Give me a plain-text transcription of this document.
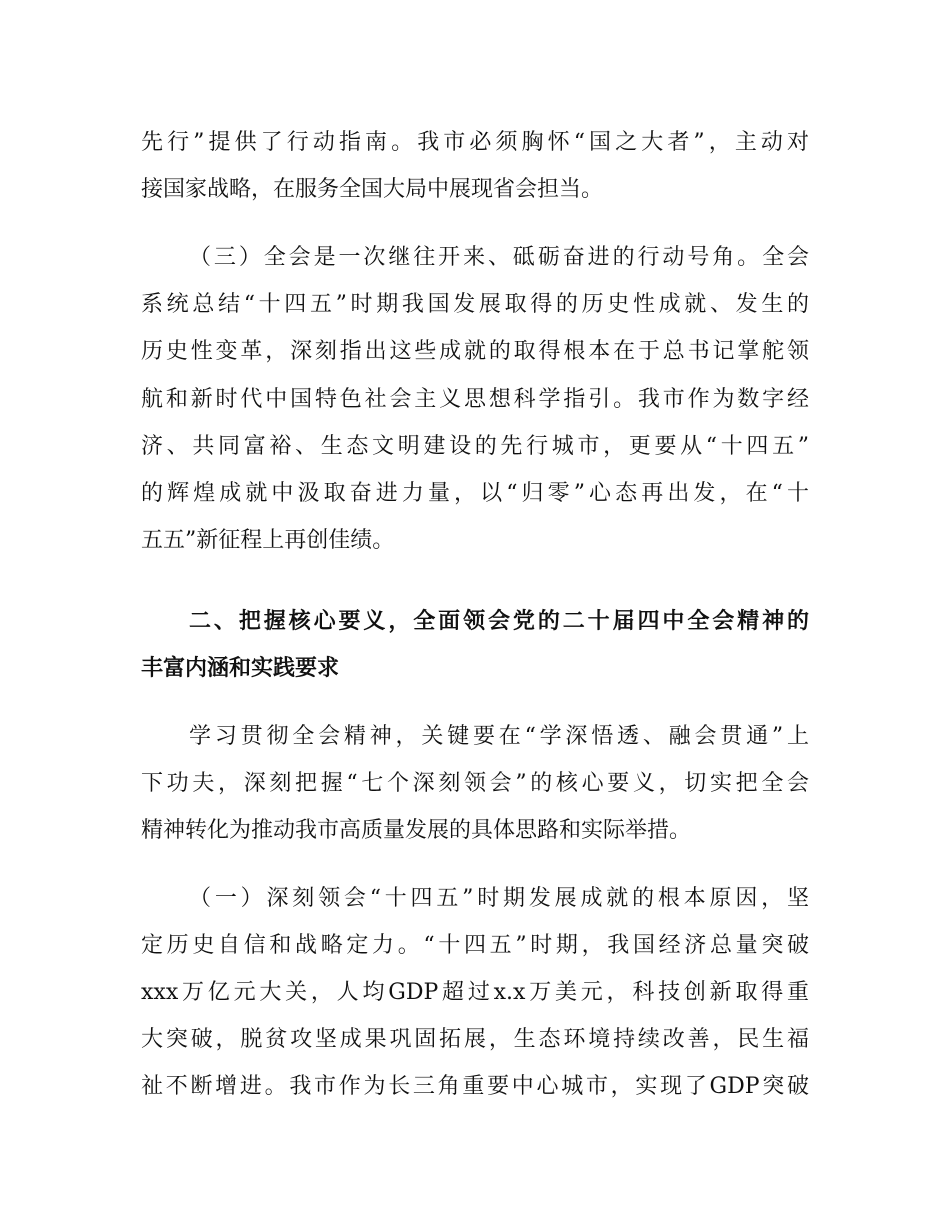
先行”提供了行动指南。我市必须胸怀“国之大者”，主动对
接国家战略，在服务全国大局中展现省会担当。
（三）全会是一次继往开来、砥砺奋进的行动号角。全会
系统总结“十四五”时期我国发展取得的历史性成就、发生的
历史性变革，深刻指出这些成就的取得根本在于总书记掌舵领
航和新时代中国特色社会主义思想科学指引。我市作为数字经
济、共同富裕、生态文明建设的先行城市，更要从“十四五”
的辉煌成就中汲取奋进力量，以“归零”心态再出发，在“十
五五”新征程上再创佳绩。
二、把握核心要义，全面领会党的二十届四中全会精神的
丰富内涵和实践要求
学习贯彻全会精神，关键要在“学深悟透、融会贯通”上
下功夫，深刻把握“七个深刻领会”的核心要义，切实把全会
精神转化为推动我市高质量发展的具体思路和实际举措。
（一）深刻领会“十四五”时期发展成就的根本原因，坚
定历史自信和战略定力。“十四五”时期，我国经济总量突破
xxx万亿元大关，人均GDP超过x.x万美元，科技创新取得重
大突破，脱贫攻坚成果巩固拓展，生态环境持续改善，民生福
祉不断增进。我市作为长三角重要中心城市，实现了GDP突破
